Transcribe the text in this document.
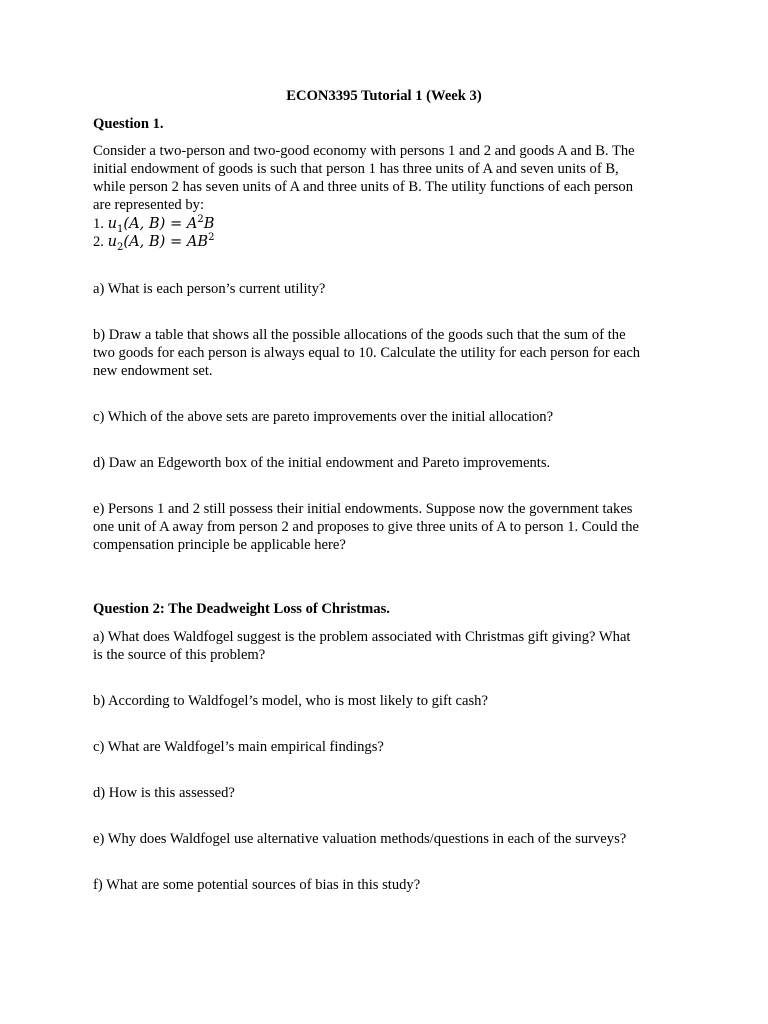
ECON3395 Tutorial 1 (Week 3)
Question 1.
Consider a two-person and two-good economy with persons 1 and 2 and goods A and B. The
initial endowment of goods is such that person 1 has three units of A and seven units of B,
while person 2 has seven units of A and three units of B. The utility functions of each person
are represented by:
1. $u_1(A$, $B) = A^2B$
2. $u_2(A$, $B) = AB^2$
a) What is each person’s current utility?
b) Draw a table that shows all the possible allocations of the goods such that the sum of the
two goods for each person is always equal to 10. Calculate the utility for each person for each
new endowment set.
c) Which of the above sets are pareto improvements over the initial allocation?
d) Daw an Edgeworth box of the initial endowment and Pareto improvements.
e) Persons 1 and 2 still possess their initial endowments. Suppose now the government takes
one unit of A away from person 2 and proposes to give three units of A to person 1. Could the
compensation principle be applicable here?
Question 2: The Deadweight Loss of Christmas.
a) What does Waldfogel suggest is the problem associated with Christmas gift giving? What
is the source of this problem?
b) According to Waldfogel’s model, who is most likely to gift cash?
c) What are Waldfogel’s main empirical findings?
d) How is this assessed?
e) Why does Waldfogel use alternative valuation methods/questions in each of the surveys?
f) What are some potential sources of bias in this study?
